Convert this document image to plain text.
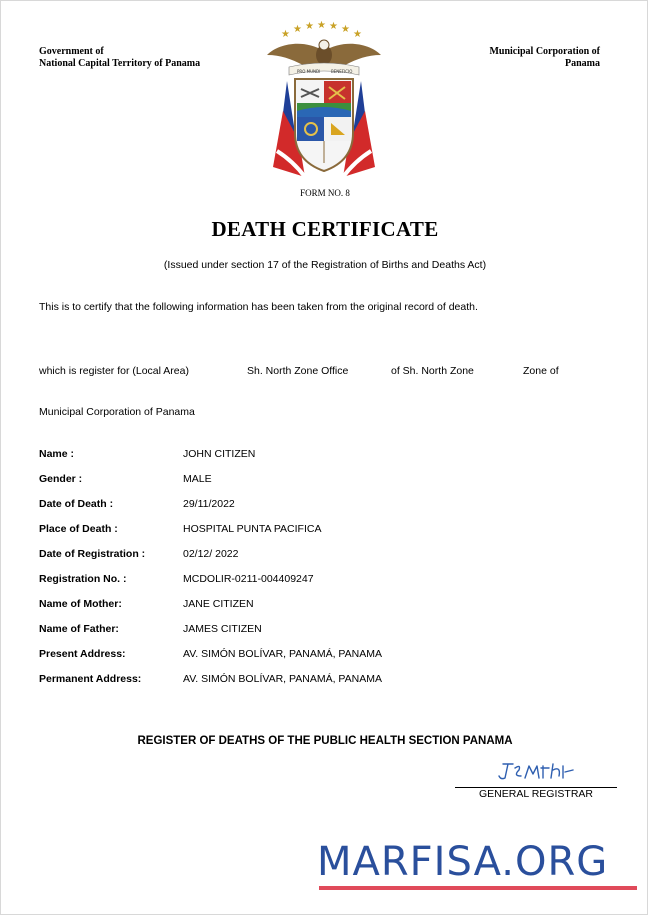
Government of
National Capital Territory of Panama
Municipal Corporation of
Panama
★ ★ ★ ★ ★ ★ ★
PRO MUNDI	BENEFICIO
FORM NO. 8
DEATH CERTIFICATE
(Issued under section 17 of the Registration of Births and Deaths Act)
This is to certify that the following information has been taken from the original record of death.
which is register for (Local Area)	Sh. North Zone Office	of Sh. North Zone	Zone of
Municipal Corporation of Panama
Name :	JOHN CITIZEN
Gender :	MALE
Date of Death :	29/11/2022
Place of Death :	HOSPITAL PUNTA PACIFICA
Date of Registration :	02/12/ 2022
Registration No. :	MCDOLIR-0211-004409247
Name of Mother:	JANE CITIZEN
Name of Father:	JAMES CITIZEN
Present Address:	AV. SIMÓN BOLÍVAR, PANAMÁ, PANAMA
Permanent Address:	AV. SIMÓN BOLÍVAR, PANAMÁ, PANAMA
REGISTER OF DEATHS OF THE PUBLIC HEALTH SECTION PANAMA
GENERAL REGISTRAR
MARFISA.ORG
